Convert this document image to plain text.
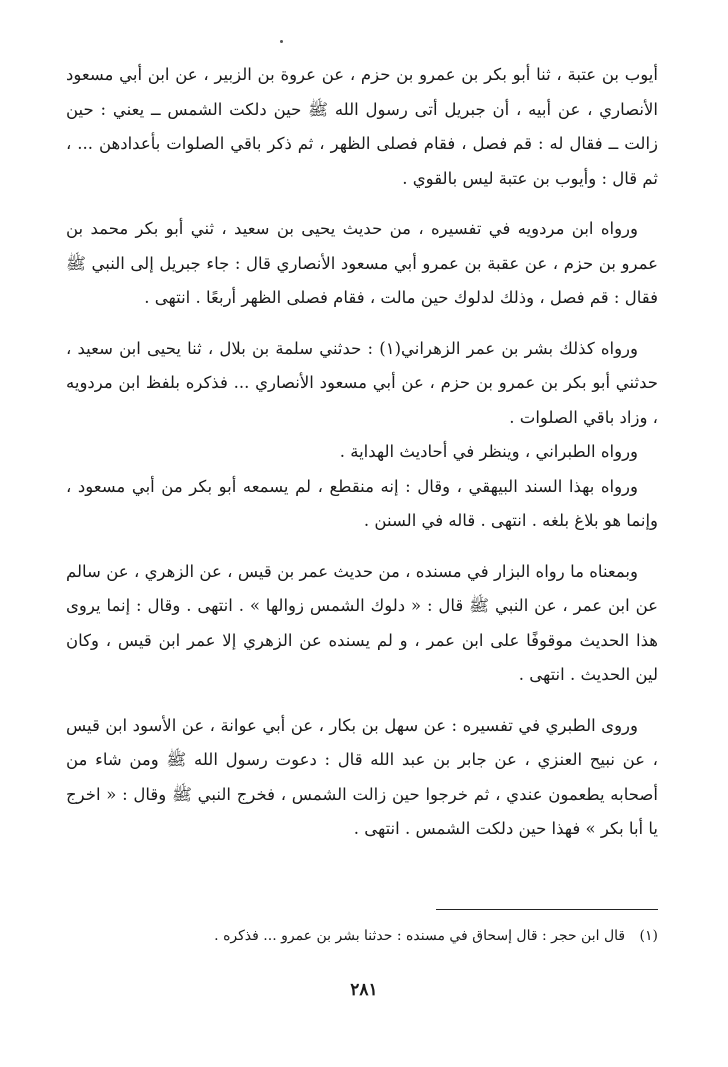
أيوب بن عتبة ، ثنا أبو بكر بن عمرو بن حزم ، عن عروة بن الزبير ، عن ابن أبي مسعود الأنصاري ، عن أبيه ، أن جبريل أتى رسول الله ﷺ حين دلكت الشمس ــ يعني : حين زالت ــ فقال له : قم فصل ، فقام فصلى الظهر ، ثم ذكر باقي الصلوات بأعدادهن ... ، ثم قال : وأيوب بن عتبة ليس بالقوي .

ورواه ابن مردويه في تفسيره ، من حديث يحيى بن سعيد ، ثني أبو بكر محمد بن عمرو بن حزم ، عن عقبة بن عمرو أبي مسعود الأنصاري قال : جاء جبريل إلى النبي ﷺ فقال : قم فصل ، وذلك لدلوك حين مالت ، فقام فصلى الظهر أربعًا . انتهى .

ورواه كذلك بشر بن عمر الزهراني(١) : حدثني سلمة بن بلال ، ثنا يحيى ابن سعيد ، حدثني أبو بكر بن عمرو بن حزم ، عن أبي مسعود الأنصاري ... فذكره بلفظ ابن مردويه ، وزاد باقي الصلوات .

ورواه الطبراني ، وينظر في أحاديث الهداية .

ورواه بهذا السند البيهقي ، وقال : إنه منقطع ، لم يسمعه أبو بكر من أبي مسعود ، وإنما هو بلاغ بلغه . انتهى . قاله في السنن .

وبمعناه ما رواه البزار في مسنده ، من حديث عمر بن قيس ، عن الزهري ، عن سالم عن ابن عمر ، عن النبي ﷺ قال : « دلوك الشمس زوالها » . انتهى . وقال : إنما يروى هذا الحديث موقوفًا على ابن عمر ، و لم يسنده عن الزهري إلا عمر ابن قيس ، وكان لين الحديث . انتهى .

وروى الطبري في تفسيره : عن سهل بن بكار ، عن أبي عوانة ، عن الأسود ابن قيس ، عن نبيح العنزي ، عن جابر بن عبد الله قال : دعوت رسول الله ﷺ ومن شاء من أصحابه يطعمون عندي ، ثم خرجوا حين زالت الشمس ، فخرج النبي ﷺ وقال : « اخرج يا أبا بكر » فهذا حين دلكت الشمس . انتهى .

(١) قال ابن حجر : قال إسحاق في مسنده : حدثنا بشر بن عمرو ... فذكره .
٢٨١
